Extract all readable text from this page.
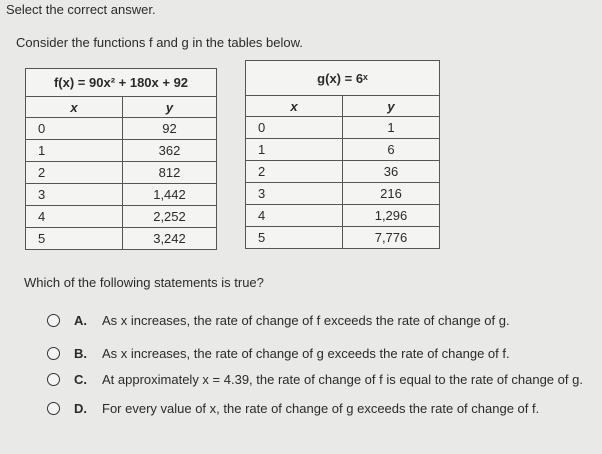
Select the correct answer.
Consider the functions f and g in the tables below.
f(x) = 90x² + 180x + 92	
x	y
0	92
1	362
2	812
3	1,442
4	2,252
5	3,242
g(x) = 6ˣ	
x	y
0	1
1	6
2	36
3	216
4	1,296
5	7,776
Which of the following statements is true?
A. As x increases, the rate of change of f exceeds the rate of change of g.
B. As x increases, the rate of change of g exceeds the rate of change of f.
C. At approximately x = 4.39, the rate of change of f is equal to the rate of change of g.
D. For every value of x, the rate of change of g exceeds the rate of change of f.
